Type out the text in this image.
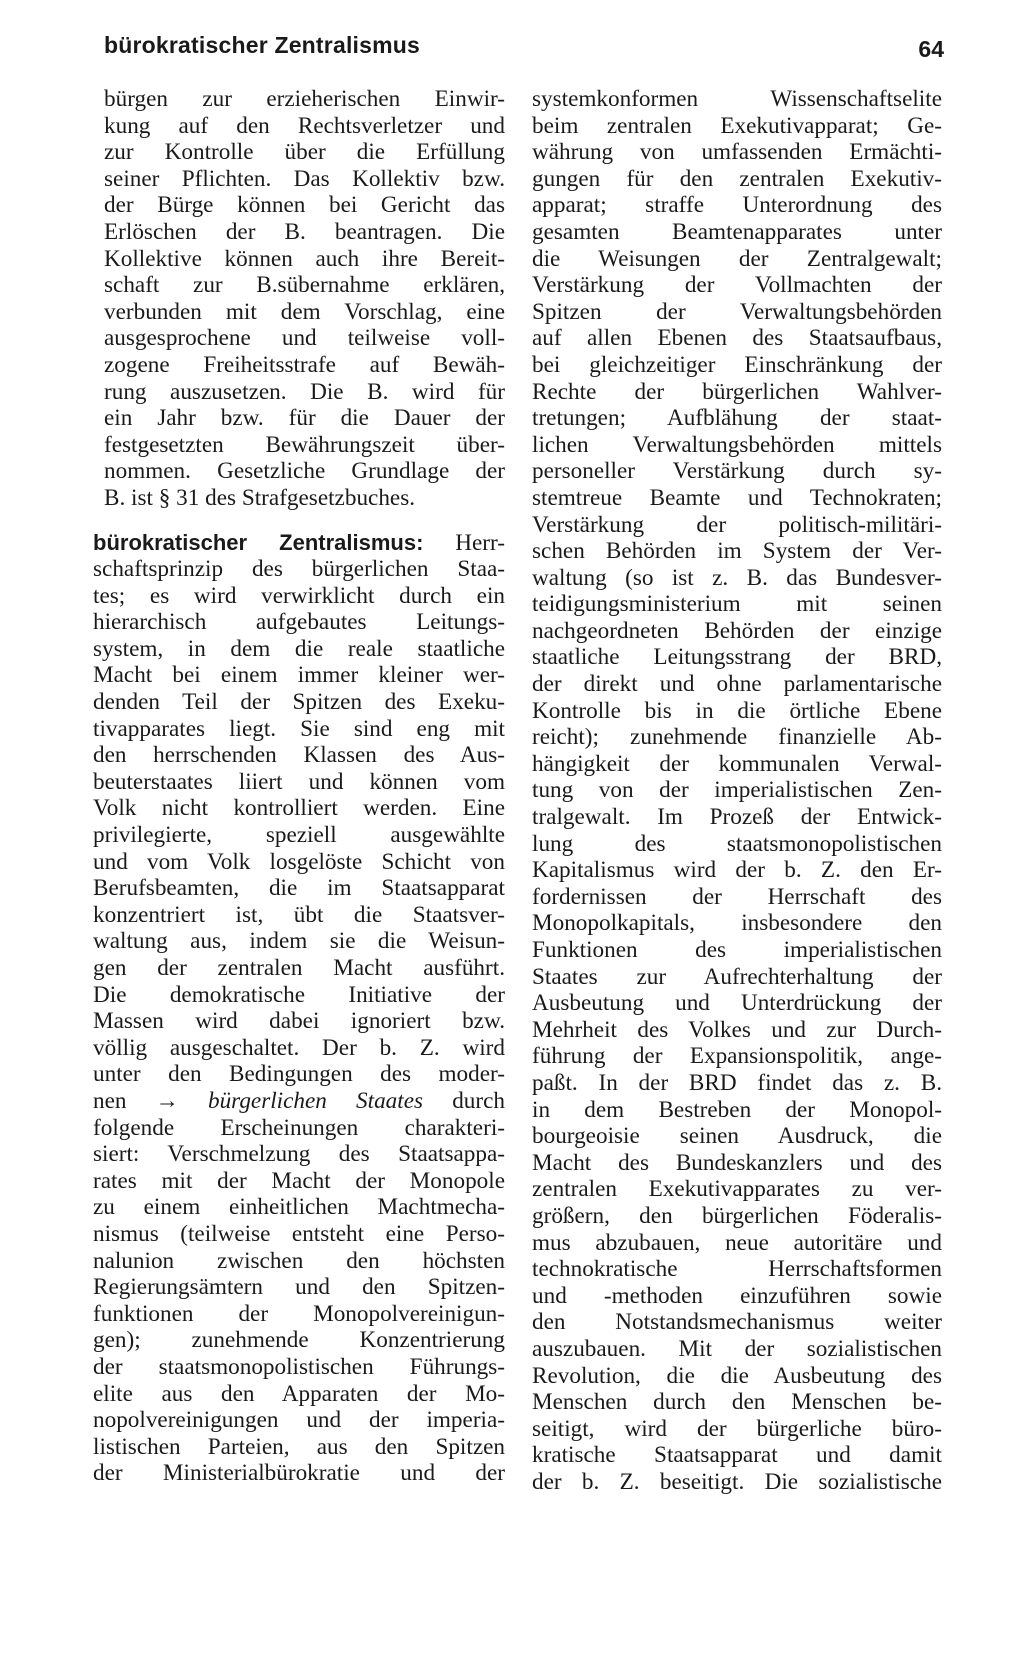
bürokratischer Zentralismus	64
bürgen zur erzieherischen Einwir-
kung auf den Rechtsverletzer und
zur Kontrolle über die Erfüllung
seiner Pflichten. Das Kollektiv bzw.
der Bürge können bei Gericht das
Erlöschen der B. beantragen. Die
Kollektive können auch ihre Bereit-
schaft zur B.sübernahme erklären,
verbunden mit dem Vorschlag, eine
ausgesprochene und teilweise voll-
zogene Freiheitsstrafe auf Bewäh-
rung auszusetzen. Die B. wird für
ein Jahr bzw. für die Dauer der
festgesetzten Bewährungszeit über-
nommen. Gesetzliche Grundlage der
B. ist § 31 des Strafgesetzbuches.
bürokratischer Zentralismus: Herr-
schaftsprinzip des bürgerlichen Staa-
tes; es wird verwirklicht durch ein
hierarchisch aufgebautes Leitungs-
system, in dem die reale staatliche
Macht bei einem immer kleiner wer-
denden Teil der Spitzen des Exeku-
tivapparates liegt. Sie sind eng mit
den herrschenden Klassen des Aus-
beuterstaates liiert und können vom
Volk nicht kontrolliert werden. Eine
privilegierte, speziell ausgewählte
und vom Volk losgelöste Schicht von
Berufsbeamten, die im Staatsapparat
konzentriert ist, übt die Staatsver-
waltung aus, indem sie die Weisun-
gen der zentralen Macht ausführt.
Die demokratische Initiative der
Massen wird dabei ignoriert bzw.
völlig ausgeschaltet. Der b. Z. wird
unter den Bedingungen des moder-
nen → bürgerlichen Staates durch
folgende Erscheinungen charakteri-
siert: Verschmelzung des Staatsappa-
rates mit der Macht der Monopole
zu einem einheitlichen Machtmecha-
nismus (teilweise entsteht eine Perso-
nalunion zwischen den höchsten
Regierungsämtern und den Spitzen-
funktionen der Monopolvereinigun-
gen); zunehmende Konzentrierung
der staatsmonopolistischen Führungs-
elite aus den Apparaten der Mo-
nopolvereinigungen und der imperia-
listischen Parteien, aus den Spitzen
der Ministerialbürokratie und der
systemkonformen Wissenschaftselite
beim zentralen Exekutivapparat; Ge-
währung von umfassenden Ermächti-
gungen für den zentralen Exekutiv-
apparat; straffe Unterordnung des
gesamten Beamtenapparates unter
die Weisungen der Zentralgewalt;
Verstärkung der Vollmachten der
Spitzen der Verwaltungsbehörden
auf allen Ebenen des Staatsaufbaus,
bei gleichzeitiger Einschränkung der
Rechte der bürgerlichen Wahlver-
tretungen; Aufblähung der staat-
lichen Verwaltungsbehörden mittels
personeller Verstärkung durch sy-
stemtreue Beamte und Technokraten;
Verstärkung der politisch-militäri-
schen Behörden im System der Ver-
waltung (so ist z. B. das Bundesver-
teidigungsministerium mit seinen
nachgeordneten Behörden der einzige
staatliche Leitungsstrang der BRD,
der direkt und ohne parlamentarische
Kontrolle bis in die örtliche Ebene
reicht); zunehmende finanzielle Ab-
hängigkeit der kommunalen Verwal-
tung von der imperialistischen Zen-
tralgewalt. Im Prozeß der Entwick-
lung des staatsmonopolistischen
Kapitalismus wird der b. Z. den Er-
fordernissen der Herrschaft des
Monopolkapitals, insbesondere den
Funktionen des imperialistischen
Staates zur Aufrechterhaltung der
Ausbeutung und Unterdrückung der
Mehrheit des Volkes und zur Durch-
führung der Expansionspolitik, ange-
paßt. In der BRD findet das z. B.
in dem Bestreben der Monopol-
bourgeoisie seinen Ausdruck, die
Macht des Bundeskanzlers und des
zentralen Exekutivapparates zu ver-
größern, den bürgerlichen Föderalis-
mus abzubauen, neue autoritäre und
technokratische Herrschaftsformen
und -methoden einzuführen sowie
den Notstandsmechanismus weiter
auszubauen. Mit der sozialistischen
Revolution, die die Ausbeutung des
Menschen durch den Menschen be-
seitigt, wird der bürgerliche büro-
kratische Staatsapparat und damit
der b. Z. beseitigt. Die sozialistische
